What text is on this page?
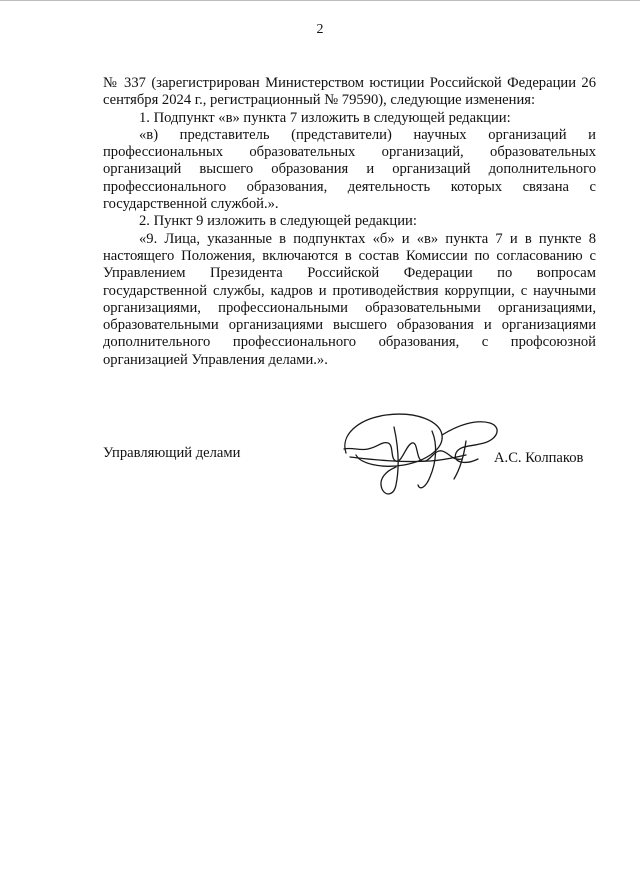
2

№ 337 (зарегистрирован Министерством юстиции Российской Федерации 26 сентября 2024 г., регистрационный № 79590), следующие изменения:

1. Подпункт «в» пункта 7 изложить в следующей редакции:

«в) представитель (представители) научных организаций и профессиональных образовательных организаций, образовательных организаций высшего образования и организаций дополнительного профессионального образования, деятельность которых связана с государственной службой.».

2. Пункт 9 изложить в следующей редакции:

«9. Лица, указанные в подпунктах «б» и «в» пункта 7 и в пункте 8 настоящего Положения, включаются в состав Комиссии по согласованию с Управлением Президента Российской Федерации по вопросам государственной службы, кадров и противодействия коррупции, с научными организациями, профессиональными образовательными организациями, образовательными организациями высшего образования и организациями дополнительного профессионального образования, с профсоюзной организацией Управления делами.».

Управляющий делами	А.С. Колпаков
